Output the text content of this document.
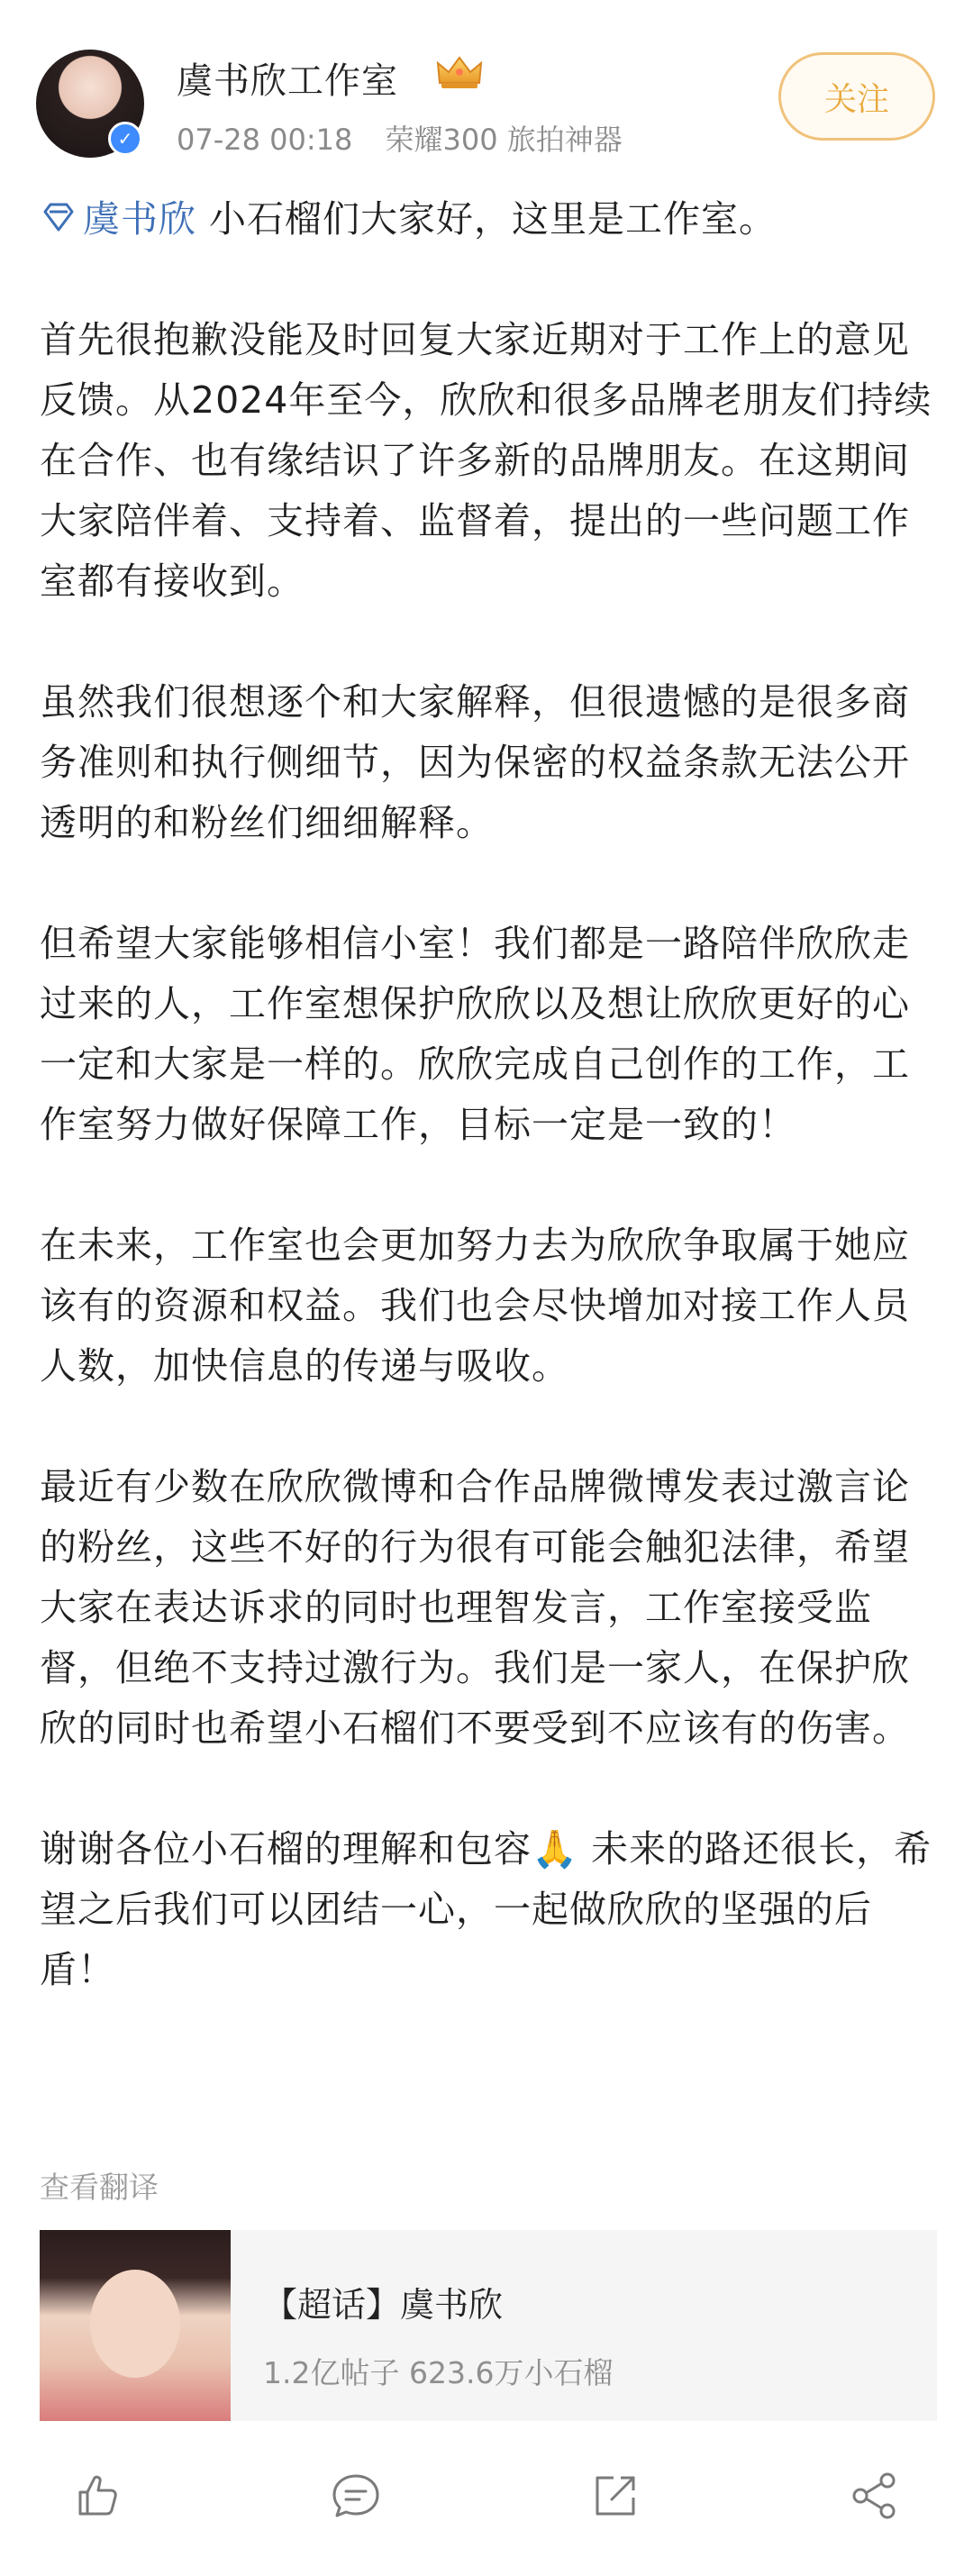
✓
虞书欣工作室
07-28 00:18 荣耀300 旅拍神器
关注

虞书欣 小石榴们大家好，这里是工作室。

首先很抱歉没能及时回复大家近期对于工作上的意见反馈。从2024年至今，欣欣和很多品牌老朋友们持续在合作、也有缘结识了许多新的品牌朋友。在这期间大家陪伴着、支持着、监督着，提出的一些问题工作室都有接收到。

虽然我们很想逐个和大家解释，但很遗憾的是很多商务准则和执行侧细节，因为保密的权益条款无法公开透明的和粉丝们细细解释。

但希望大家能够相信小室！我们都是一路陪伴欣欣走过来的人，工作室想保护欣欣以及想让欣欣更好的心一定和大家是一样的。欣欣完成自己创作的工作，工作室努力做好保障工作，目标一定是一致的！

在未来，工作室也会更加努力去为欣欣争取属于她应该有的资源和权益。我们也会尽快增加对接工作人员人数，加快信息的传递与吸收。

最近有少数在欣欣微博和合作品牌微博发表过激言论的粉丝，这些不好的行为很有可能会触犯法律，希望大家在表达诉求的同时也理智发言，工作室接受监督，但绝不支持过激行为。我们是一家人，在保护欣欣的同时也希望小石榴们不要受到不应该有的伤害。

谢谢各位小石榴的理解和包容🙏 未来的路还很长，希望之后我们可以团结一心，一起做欣欣的坚强的后盾！

查看翻译
【超话】虞书欣
1.2亿帖子 623.6万小石榴
